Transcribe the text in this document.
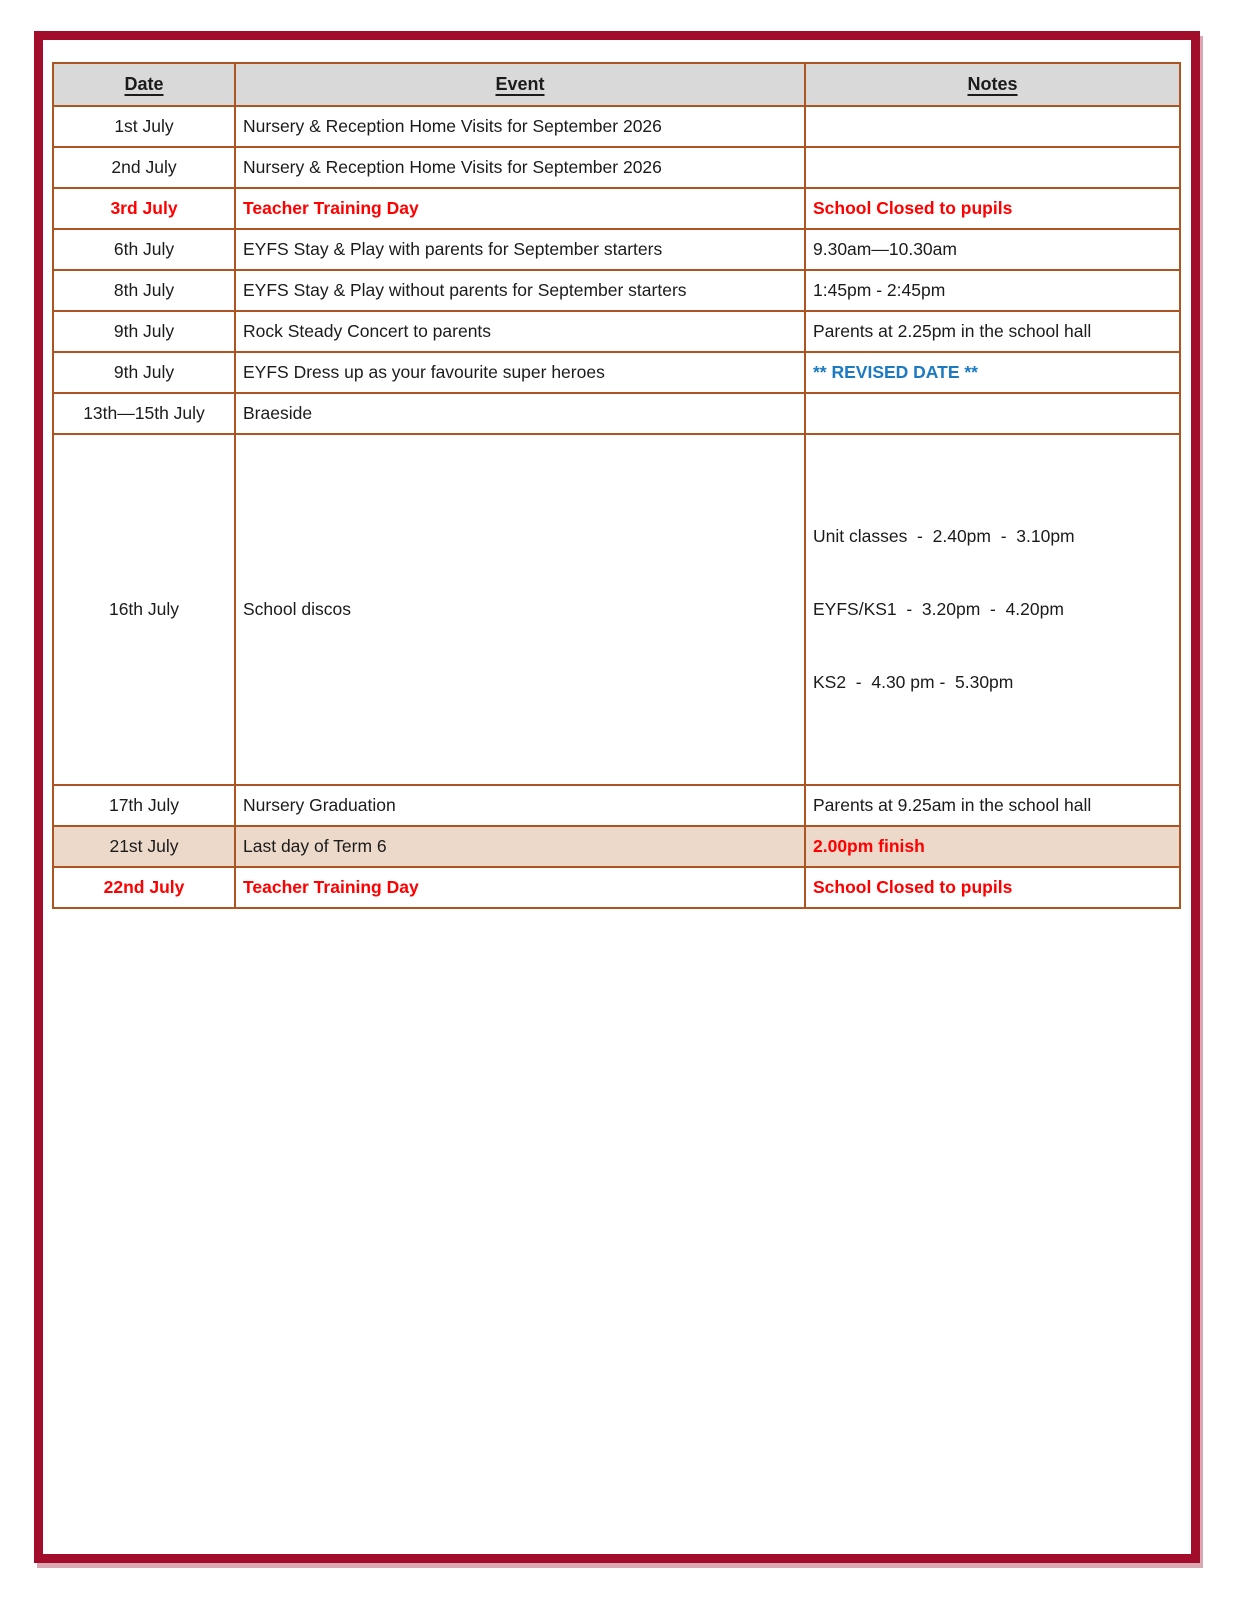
Date	Event	Notes
1st July	Nursery & Reception Home Visits for September 2026	
2nd July	Nursery & Reception Home Visits for September 2026	
3rd July	Teacher Training Day	School Closed to pupils
6th July	EYFS Stay & Play with parents for September starters	9.30am—10.30am
8th July	EYFS Stay & Play without parents for September starters	1:45pm - 2:45pm
9th July	Rock Steady Concert to parents	Parents at 2.25pm in the school hall
9th July	EYFS Dress up as your favourite super heroes	** REVISED DATE **
13th—15th July	Braeside	
16th July	School discos	Unit classes  -  2.40pm  -  3.10pm

EYFS/KS1  -  3.20pm  -  4.20pm

KS2  -  4.30 pm -  5.30pm

17th July	Nursery Graduation	Parents at 9.25am in the school hall
21st July	Last day of Term 6	2.00pm finish
22nd July	Teacher Training Day	School Closed to pupils
